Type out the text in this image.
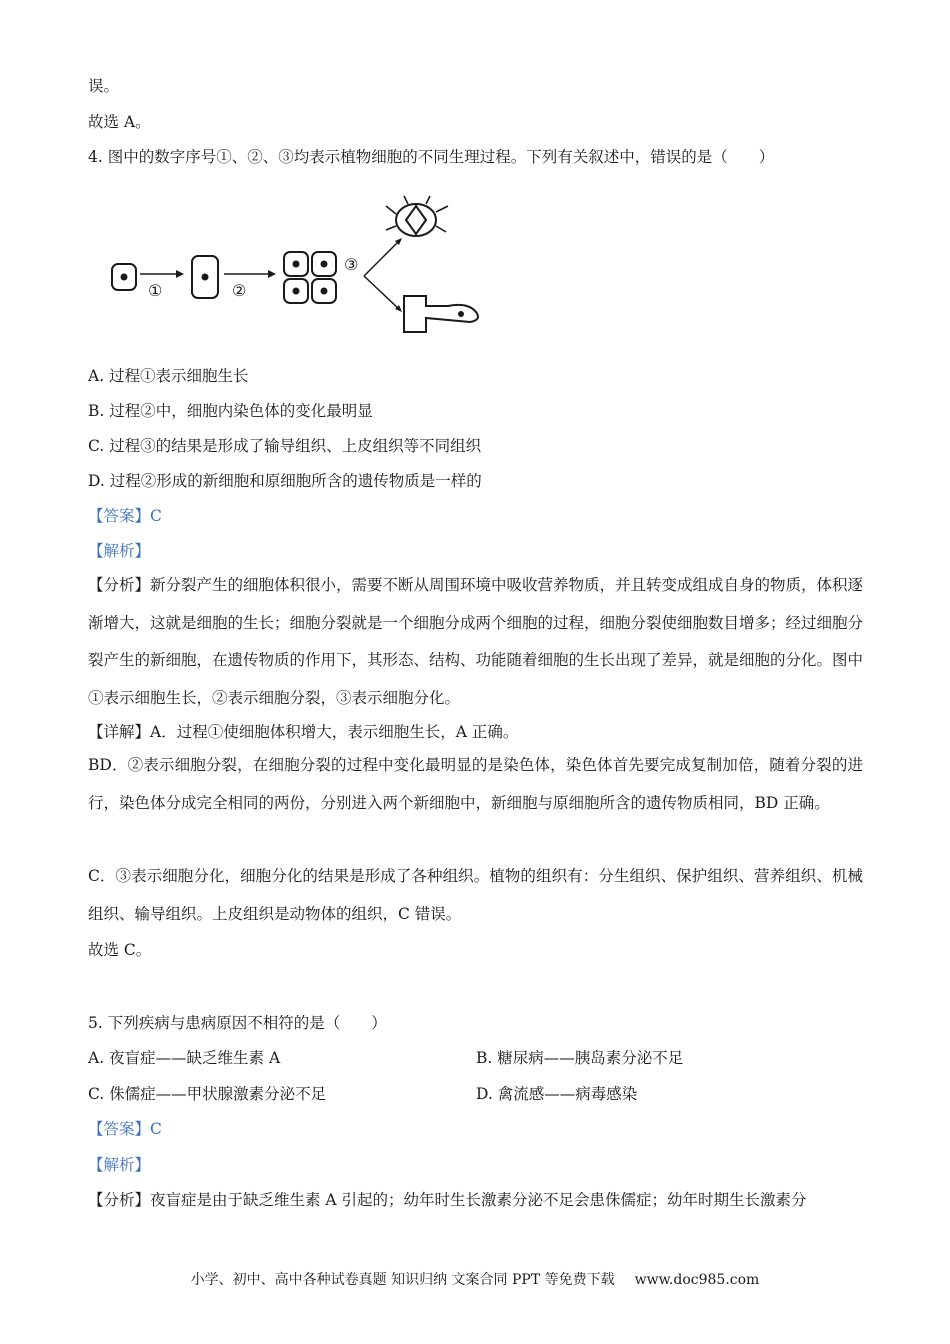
误。
故选 A。
4. 图中的数字序号①、②、③均表示植物细胞的不同生理过程。下列有关叙述中，错误的是（　　）
①	②
③
A. 过程①表示细胞生长
B. 过程②中，细胞内染色体的变化最明显
C. 过程③的结果是形成了输导组织、上皮组织等不同组织
D. 过程②形成的新细胞和原细胞所含的遗传物质是一样的
【答案】C
【解析】
【分析】新分裂产生的细胞体积很小，需要不断从周围环境中吸收营养物质，并且转变成组成自身的物质，体积逐渐增大，这就是细胞的生长；细胞分裂就是一个细胞分成两个细胞的过程，细胞分裂使细胞数目增多；经过细胞分裂产生的新细胞，在遗传物质的作用下，其形态、结构、功能随着细胞的生长出现了差异，就是细胞的分化。图中①表示细胞生长，②表示细胞分裂，③表示细胞分化。
【详解】A．过程①使细胞体积增大，表示细胞生长，A 正确。
BD．②表示细胞分裂，在细胞分裂的过程中变化最明显的是染色体，染色体首先要完成复制加倍，随着分裂的进行，染色体分成完全相同的两份，分别进入两个新细胞中，新细胞与原细胞所含的遗传物质相同，BD 正确。
C．③表示细胞分化，细胞分化的结果是形成了各种组织。植物的组织有：分生组织、保护组织、营养组织、机械组织、输导组织。上皮组织是动物体的组织，C 错误。
故选 C。
5. 下列疾病与患病原因不相符的是（　　）
A. 夜盲症——缺乏维生素 A	B. 糖尿病——胰岛素分泌不足
C. 侏儒症——甲状腺激素分泌不足	D. 禽流感——病毒感染
【答案】C
【解析】
【分析】夜盲症是由于缺乏维生素 A 引起的；幼年时生长激素分泌不足会患侏儒症；幼年时期生长激素分
小学、初中、高中各种试卷真题 知识归纳 文案合同 PPT 等免费下载 www.doc985.com
